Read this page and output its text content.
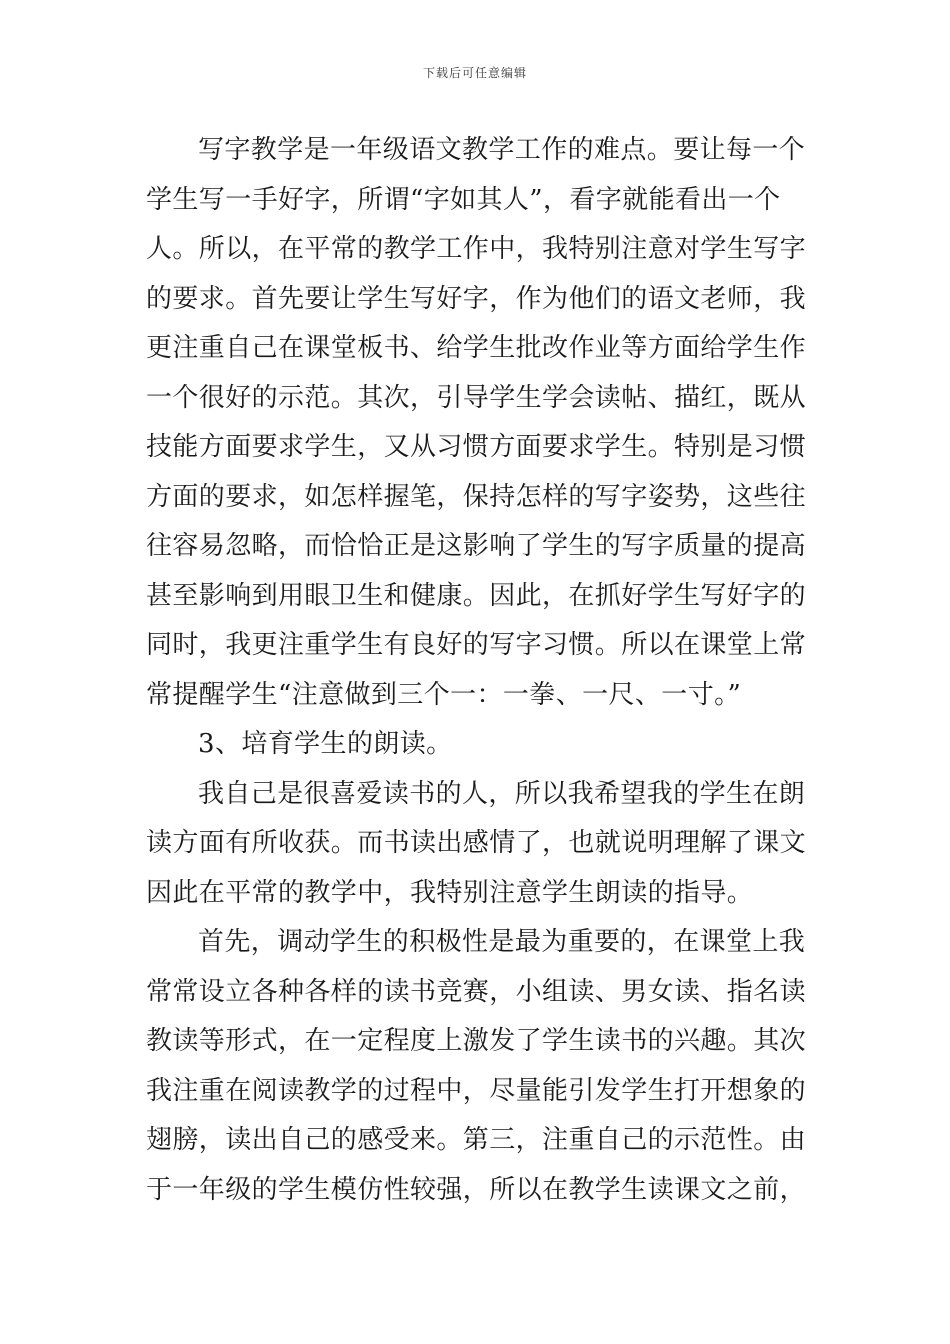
下载后可任意编辑
写字教学是一年级语文教学工作的难点。要让每一个
学生写一手好字，所谓“字如其人”，看字就能看出一个
人。所以，在平常的教学工作中，我特别注意对学生写字
的要求。首先要让学生写好字，作为他们的语文老师，我
更注重自己在课堂板书、给学生批改作业等方面给学生作
一个很好的示范。其次，引导学生学会读帖、描红，既从
技能方面要求学生，又从习惯方面要求学生。特别是习惯
方面的要求，如怎样握笔，保持怎样的写字姿势，这些往
往容易忽略，而恰恰正是这影响了学生的写字质量的提高
甚至影响到用眼卫生和健康。因此，在抓好学生写好字的
同时，我更注重学生有良好的写字习惯。所以在课堂上常
常提醒学生“注意做到三个一：一拳、一尺、一寸。”
3、培育学生的朗读。
我自己是很喜爱读书的人，所以我希望我的学生在朗
读方面有所收获。而书读出感情了，也就说明理解了课文
因此在平常的教学中，我特别注意学生朗读的指导。
首先，调动学生的积极性是最为重要的，在课堂上我
常常设立各种各样的读书竞赛，小组读、男女读、指名读
教读等形式，在一定程度上激发了学生读书的兴趣。其次
我注重在阅读教学的过程中，尽量能引发学生打开想象的
翅膀，读出自己的感受来。第三，注重自己的示范性。由
于一年级的学生模仿性较强，所以在教学生读课文之前，
